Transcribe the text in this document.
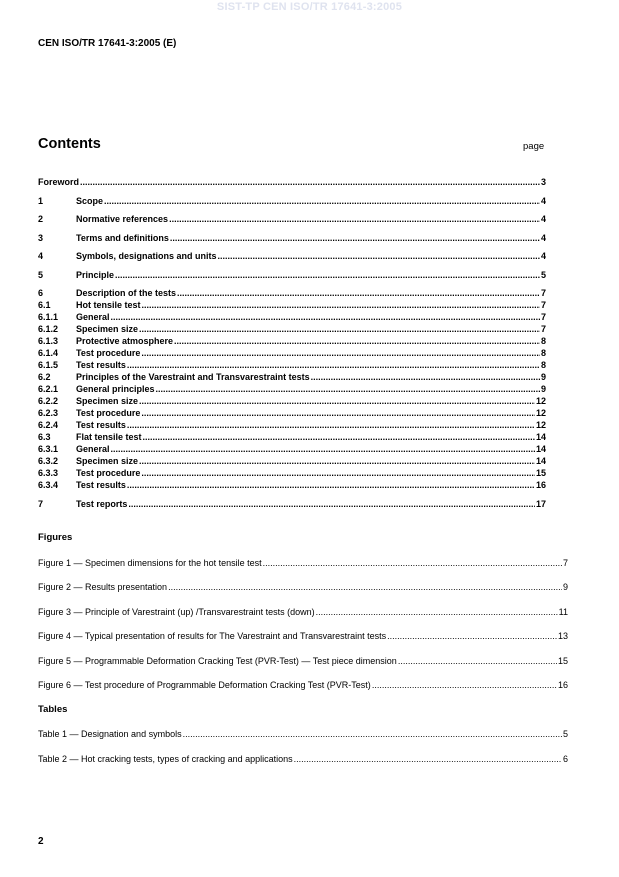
SIST-TP CEN ISO/TR 17641-3:2005
CEN ISO/TR 17641-3:2005 (E)
Contents	page
Foreword .....	3
1	Scope .....	4
2	Normative references .....	4
3	Terms and definitions .....	4
4	Symbols, designations and units .....	4
5	Principle .....	5
6	Description of the tests .....	7
6.1	Hot tensile test .....	7
6.1.1	General .....	7
6.1.2	Specimen size .....	7
6.1.3	Protective atmosphere .....	8
6.1.4	Test procedure .....	8
6.1.5	Test results .....	8
6.2	Principles of the Varestraint and Transvarestraint tests .....	9
6.2.1	General principles .....	9
6.2.2	Specimen size .....	12
6.2.3	Test procedure .....	12
6.2.4	Test results .....	12
6.3	Flat tensile test .....	14
6.3.1	General .....	14
6.3.2	Specimen size .....	14
6.3.3	Test procedure .....	15
6.3.4	Test results .....	16
7	Test reports .....	17
Figures
Figure 1 — Specimen dimensions for the hot tensile test .....	7
Figure 2 — Results presentation .....	9
Figure 3 — Principle of Varestraint (up) /Transvarestraint tests (down) .....	11
Figure 4 — Typical presentation of results for The Varestraint and Transvarestraint tests .....	13
Figure 5 — Programmable Deformation Cracking Test (PVR-Test) — Test piece dimension .....	15
Figure 6 — Test procedure of Programmable Deformation Cracking Test (PVR-Test) .....	16
Tables
Table 1 — Designation and symbols .....	5
Table 2 — Hot cracking tests, types of cracking and applications .....	6
2
